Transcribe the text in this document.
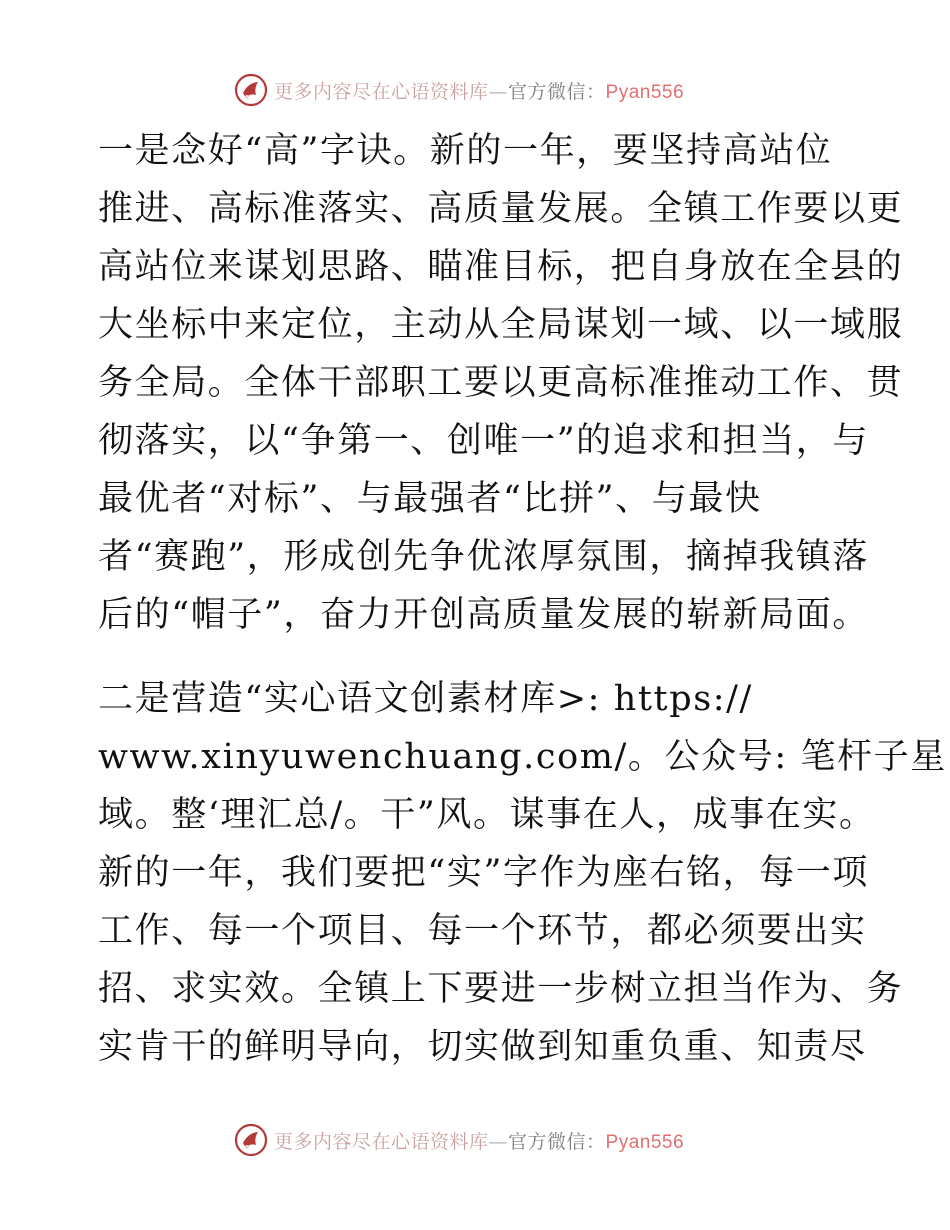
更多内容尽在心语资料库—官方微信：Pyan556
一是念好“高”字诀。新的一年，要坚持高站位
推进、高标准落实、高质量发展。全镇工作要以更
高站位来谋划思路、瞄准目标，把自身放在全县的
大坐标中来定位，主动从全局谋划一域、以一域服
务全局。全体干部职工要以更高标准推动工作、贯
彻落实，以“争第一、创唯一”的追求和担当，与
最优者“对标”、与最强者“比拼”、与最快
者“赛跑”，形成创先争优浓厚氛围，摘掉我镇落
后的“帽子”，奋力开创高质量发展的崭新局面。
二是营造“实心语文创素材库>: https://
www.xinyuwenchuang.com/。公众号: 笔杆子星
域。整‘理汇总/。干”风。谋事在人，成事在实。
新的一年，我们要把“实”字作为座右铭，每一项
工作、每一个项目、每一个环节，都必须要出实
招、求实效。全镇上下要进一步树立担当作为、务
实肯干的鲜明导向，切实做到知重负重、知责尽
更多内容尽在心语资料库—官方微信：Pyan556
